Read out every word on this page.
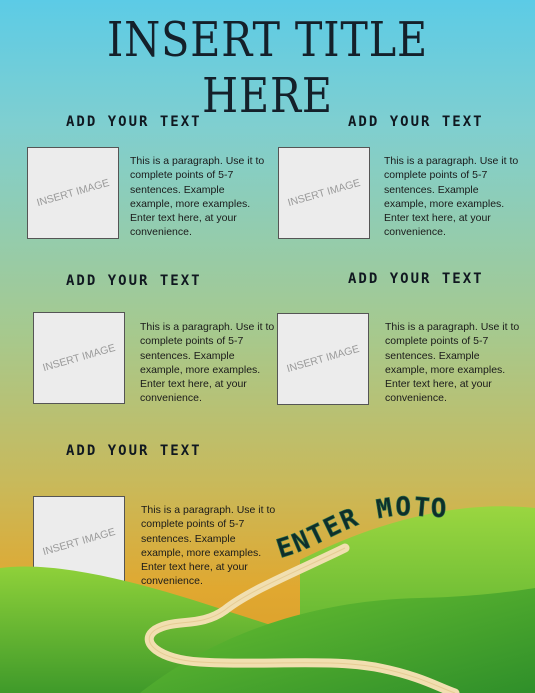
INSERT TITLE HERE
ADD YOUR TEXT
INSERT IMAGE
This is a paragraph. Use it to complete points of 5-7 sentences. Example example, more examples. Enter text here, at your convenience.
ADD YOUR TEXT
INSERT IMAGE
This is a paragraph. Use it to complete points of 5-7 sentences. Example example, more examples. Enter text here, at your convenience.
ADD YOUR TEXT
INSERT IMAGE
This is a paragraph. Use it to complete points of 5-7 sentences. Example example, more examples. Enter text here, at your convenience.
ADD YOUR TEXT
INSERT IMAGE
This is a paragraph. Use it to complete points of 5-7 sentences. Example example, more examples. Enter text here, at your convenience.
ADD YOUR TEXT
INSERT IMAGE
This is a paragraph. Use it to complete points of 5-7 sentences. Example example, more examples. Enter text here, at your convenience.
ENTER MOTO
